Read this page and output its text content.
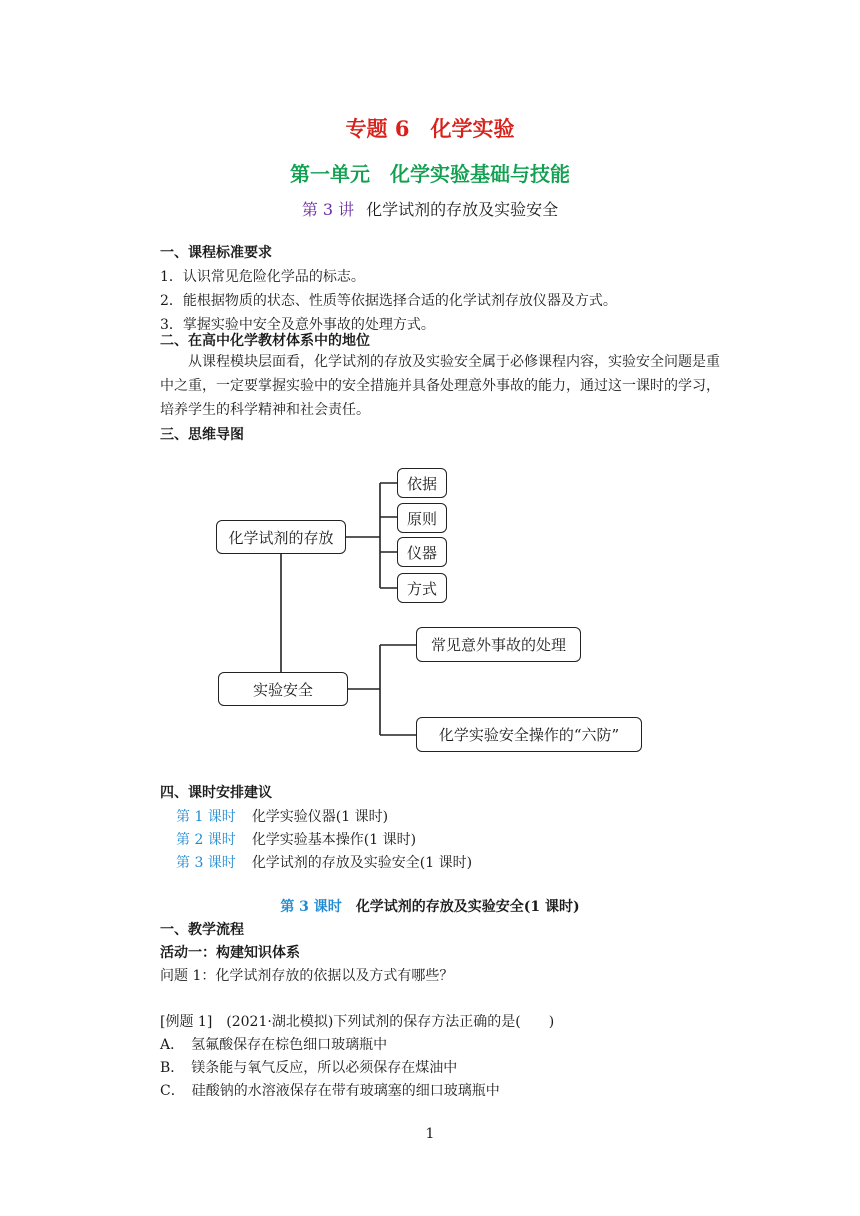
专题 6　化学实验
第一单元　化学实验基础与技能
第 3 讲 化学试剂的存放及实验安全
一、课程标准要求
1．认识常见危险化学品的标志。
2．能根据物质的状态、性质等依据选择合适的化学试剂存放仪器及方式。
3．掌握实验中安全及意外事故的处理方式。
二、在高中化学教材体系中的地位
从课程模块层面看，化学试剂的存放及实验安全属于必修课程内容，实验安全问题是重中之重，一定要掌握实验中的安全措施并具备处理意外事故的能力，通过这一课时的学习，培养学生的科学精神和社会责任。
三、思维导图
化学试剂的存放
依据
原则
仪器
方式
实验安全
常见意外事故的处理
化学实验安全操作的“六防”
四、课时安排建议
第 1 课时 化学实验仪器(1 课时)
第 2 课时 化学实验基本操作(1 课时)
第 3 课时 化学试剂的存放及实验安全(1 课时)
第 3 课时 化学试剂的存放及实验安全(1 课时)
一、教学流程
活动一：构建知识体系
问题 1：化学试剂存放的依据以及方式有哪些？
[例题 1]　(2021·湖北模拟)下列试剂的保存方法正确的是(　　)
A．　氢氟酸保存在棕色细口玻璃瓶中
B．　镁条能与氧气反应，所以必须保存在煤油中
C．　硅酸钠的水溶液保存在带有玻璃塞的细口玻璃瓶中
1
